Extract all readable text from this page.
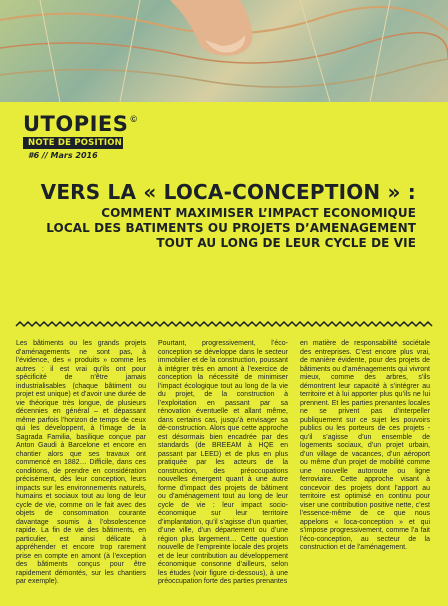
UTOPIES ©
NOTE DE POSITION
#6 // Mars 2016
VERS LA « LOCA-CONCEPTION » :
COMMENT MAXIMISER L’IMPACT ECONOMIQUE
LOCAL DES BATIMENTS OU PROJETS D’AMENAGEMENT
TOUT AU LONG DE LEUR CYCLE DE VIE

Les bâtiments ou les grands projets d’aménagements ne sont pas, à l’évidence, des « produits » comme les autres : il est vrai qu’ils ont pour spécificité de n’être jamais industrialisables (chaque bâtiment ou projet est unique) et d’avoir une durée de vie théorique très longue, de plusieurs décennies en général – et dépassant même parfois l’horizon de temps de ceux qui les développent, à l’image de la Sagrada Familia, basilique conçue par Anton Gaudi à Barcelone et encore en chantier alors que ses travaux ont commencé en 1882… Difficile, dans ces conditions, de prendre en considération précisément, dès leur conception, leurs impacts sur les environnements naturels, humains et sociaux tout au long de leur cycle de vie, comme on le fait avec des objets de consommation courante davantage soumis à l’obsolescence rapide. La fin de vie des bâtiments, en particulier, est ainsi délicate à appréhender et encore trop rarement prise en compte en amont (à l’exception des bâtiments conçus pour être rapidement démontés, sur les chantiers par exemple).

Pourtant, progressivement, l’éco-conception se développe dans le secteur immobilier et de la construction, poussant à intégrer très en amont à l’exercice de conception la nécessité de minimiser l’impact écologique tout au long de la vie du projet, de la construction à l’exploitation en passant par sa rénovation éventuelle et allant même, dans certains cas, jusqu’à envisager sa dé-construction. Alors que cette approche est désormais bien encadrée par des standards (de BREEAM à HQE en passant par LEED) et de plus en plus pratiquée par les acteurs de la construction, des préoccupations nouvelles émergent quant à une autre forme d’impact des projets de bâtiment ou d’aménagement tout au long de leur cycle de vie : leur impact socio-économique sur leur territoire d’implantation, qu’il s’agisse d’un quartier, d’une ville, d’un département ou d’une région plus largement… Cette question nouvelle de l’empreinte locale des projets et de leur contribution au développement économique consonne d’ailleurs, selon les études (voir figure ci-dessous), à une préoccupation forte des parties prenantes

en matière de responsabilité sociétale des entreprises. C’est encore plus vrai, de manière évidente, pour des projets de bâtiments ou d’aménagements qui vivront mieux, comme des arbres, s’ils démontrent leur capacité à s’intégrer au territoire et à lui apporter plus qu’ils ne lui prennent. Et les parties prenantes locales ne se privent pas d’interpeller publiquement sur ce sujet les pouvoirs publics ou les porteurs de ces projets - qu’il s’agisse d’un ensemble de logements sociaux, d’un projet urbain, d’un village de vacances, d’un aéroport ou même d’un projet de mobilité comme une nouvelle autoroute ou ligne ferroviaire. Cette approche visant à concevoir des projets dont l’apport au territoire est optimisé en continu pour viser une contribution positive nette, c’est l’essence-même de ce que nous appelons « loca-conception » et qui s’impose progressivement, comme l’a fait l’éco-conception, au secteur de la construction et de l’aménagement.
